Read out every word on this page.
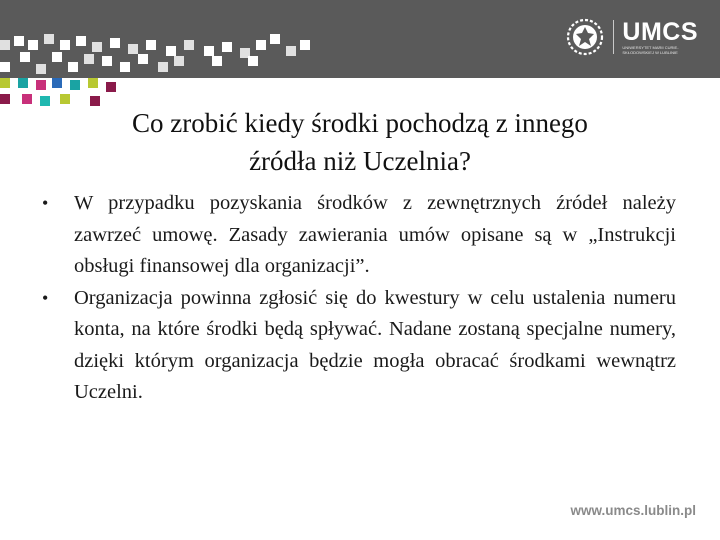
UMCS
UNIWERSYTET MARII CURIE-SKŁODOWSKIEJ W LUBLINIE
Co zrobić kiedy środki pochodzą z innego
źródła niż Uczelnia?
•	W przypadku pozyskania środków z zewnętrznych źródeł należy zawrzeć umowę. Zasady zawierania umów opisane są w „Instrukcji obsługi finansowej dla organizacji”.
•	Organizacja powinna zgłosić się do kwestury w celu ustalenia numeru konta, na które środki będą spływać. Nadane zostaną specjalne numery, dzięki którym organizacja będzie mogła obracać środkami wewnątrz Uczelni.
www.umcs.lublin.pl
